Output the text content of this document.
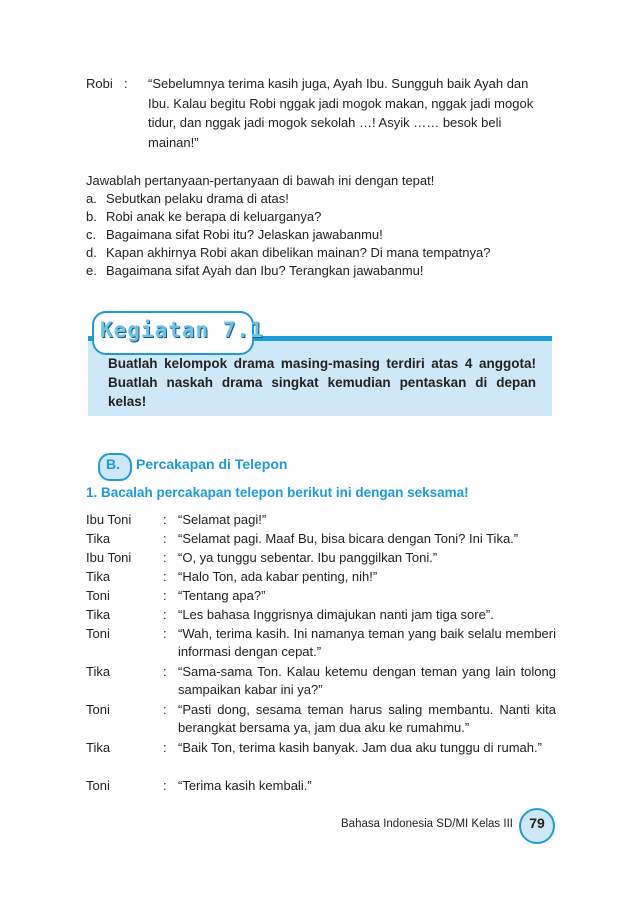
Robi : “Sebelumnya terima kasih juga, Ayah Ibu. Sungguh baik Ayah dan
Ibu. Kalau begitu Robi nggak jadi mogok makan, nggak jadi mogok
tidur, dan nggak jadi mogok sekolah …! Asyik …… besok beli
mainan!”
Jawablah pertanyaan-pertanyaan di bawah ini dengan tepat!
a. Sebutkan pelaku drama di atas!
b. Robi anak ke berapa di keluarganya?
c. Bagaimana sifat Robi itu? Jelaskan jawabanmu!
d. Kapan akhirnya Robi akan dibelikan mainan? Di mana tempatnya?
e. Bagaimana sifat Ayah dan Ibu? Terangkan jawabanmu!
Kegiatan 7.1
Buatlah kelompok drama masing-masing terdiri atas 4 anggota! Buatlah naskah drama singkat kemudian pentaskan di depan kelas!
B. Percakapan di Telepon
1. Bacalah percakapan telepon berikut ini dengan seksama!
Ibu Toni : “Selamat pagi!”
Tika	: “Selamat pagi. Maaf Bu, bisa bicara dengan Toni? Ini Tika.”
Ibu Toni : “O, ya tunggu sebentar. Ibu panggilkan Toni.”
Tika	: “Halo Ton, ada kabar penting, nih!”
Toni	: “Tentang apa?”
Tika	: “Les bahasa Inggrisnya dimajukan nanti jam tiga sore”.
Toni	: “Wah, terima kasih. Ini namanya teman yang baik selalu memberi informasi dengan cepat.”
Tika	: “Sama-sama Ton. Kalau ketemu dengan teman yang lain tolong sampaikan kabar ini ya?”
Toni	: “Pasti dong, sesama teman harus saling membantu. Nanti kita berangkat bersama ya, jam dua aku ke rumahmu.”
Tika	: “Baik Ton, terima kasih banyak. Jam dua aku tunggu di rumah.”
Toni	: “Terima kasih kembali.”
Bahasa Indonesia SD/MI Kelas III	79
